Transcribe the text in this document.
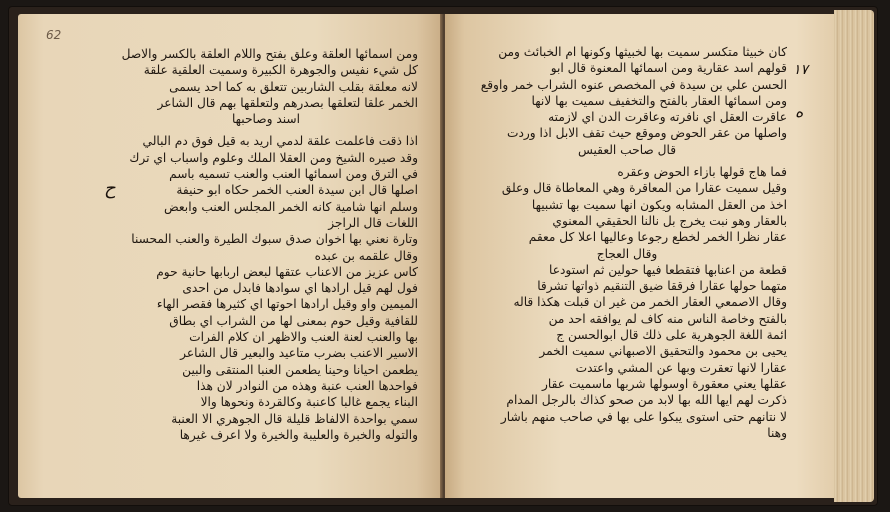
62
ح
ومن اسمائها العلقة وعلق بفتح واللام العلقة بالكسر والاصل
كل شيء نفيس والجوهرة الكبيرة وسميت العلقية علقة
لانه معلقة بقلب الشاربين تتعلق به كما احد يسمى
الخمر علقا لتعلقها بصدرهم ولتعلقها بهم قال الشاعر
اسند وصاحبها
اذا ذقت فاعلمت علقة لدمي اريد به قيل فوق دم البالي
وقد صيره الشيخ ومن العقلا الملك وعلوم واسباب اي ترك
في الترق ومن اسمائها العنب والعنب تسميه باسم
اصلها قال ابن سيدة العنب الخمر حكاه ابو حنيفة
وسلم انها شامية كانه الخمر المجلس العنب وابعض
اللغات قال الراجز
وتارة نعني بها اخوان صدق سبوك الطيرة والعنب المحسنا
وقال علقمه بن عبده
كاس عزيز من الاعناب عتقها لبعض اربابها حانية حوم
فول لهم قيل ارادها اي سوادها فابدل من احدى
الميمين واو وقيل ارادها احوتها اي كثيرها فقصر الهاء
للقافية وقيل حوم بمعنى لها من الشراب اي بطاق
بها والعنب لعنة العنب والاظهر ان كلام الفرات
الاسير الاعنب بضرب متاعيد والبعير قال الشاعر
يطعمن احيانا وحينا يطعمن العنبا المنتقى والبين
فواحدها العنب عنبة وهذه من النوادر لان هذا
البناء يجمع غالبا كاعنبة وكالقردة ونحوها والا
سمي بواحدة الالفاظ قليلة قال الجوهري الا العنبة
والتوله والخبرة والعليبة والخيرة ولا اعرف غيرها
١٧
ه
كان خبيثا متكسر سميت بها لخبيثها وكونها ام الخبائث ومن
قولهم اسد عقارية ومن اسمائها المعنوة قال ابو
الحسن علي بن سيدة في المخصص عنوه الشراب خمر واوقع
ومن اسمائها العقار بالفتح والتخفيف سميت بها لانها
عاقرت العقل اي نافرته وعاقرت الدن اي لازمته
واصلها من عقر الحوض وموقع حيث تقف الابل اذا وردت
قال صاحب العقيس
فما هاج قولها بازاء الحوض وعقره
وقيل سميت عقارا من المعاقرة وهي المعاطاة قال وعلق
اخذ من العقل المشابه ويكون انها سميت بها تشبيها
بالعقار وهو نبت يخرج بل نالنا الحقيقي المعنوي
عقار نظرا الخمر لخطع رجوعا وعاليها اعلا كل معقم
وقال العجاج
قطعة من اعنابها فتقطعا فيها حولين ثم استودعا
متهما حولها عقارا فرققا ضيق التنقيم ذواتها تشرقا
وقال الاصمعي العقار الخمر من غير ان قبلت هكذا قاله
بالفتح وخاصة الناس منه كاف لم يوافقه احد من
ائمة اللغة الجوهرية على ذلك قال ابوالحسن ج
يحيى بن محمود والتحقيق الاصبهاني سميت الخمر
عقارا لانها تعقرت وبها عن المشي واعتدت
عقلها يعني معقورة اوسولها شربها ماسميت عقار
ذكرت لهم ايها الله بها لابد من صحو كذاك بالرجل المدام
لا نتانهم حتى استوى يبكوا على بها في صاحب منهم باشار
وهنا
